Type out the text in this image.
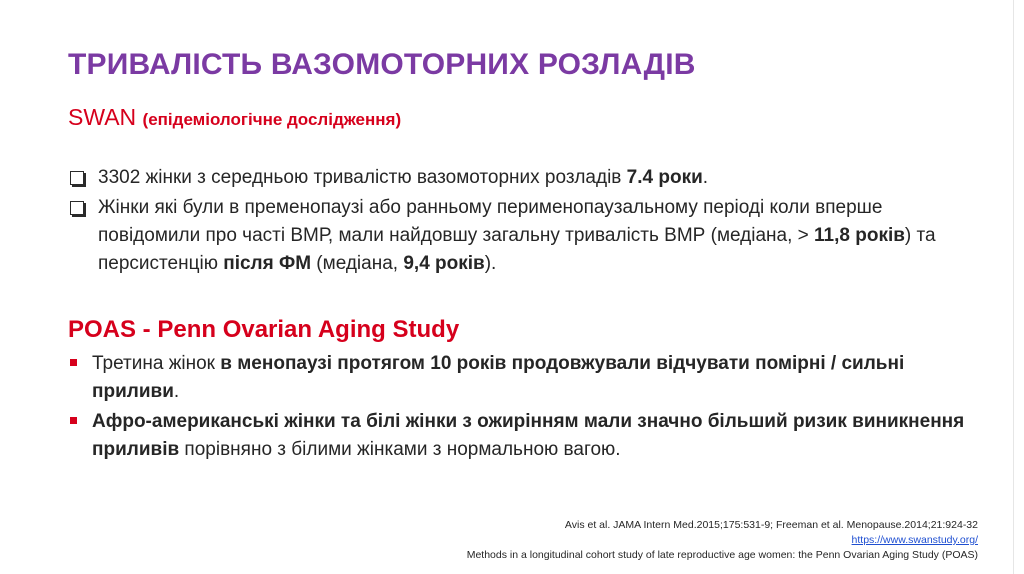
ТРИВАЛІСТЬ ВАЗОМОТОРНИХ РОЗЛАДІВ
SWAN (епідеміологічне дослідження)
3302 жінки з середньою тривалістю вазомоторних розладів 7.4 роки.
Жінки які були в пременопаузі або ранньому перименопаузальному періоді коли вперше повідомили про часті ВМР, мали найдовшу загальну тривалість ВМР (медіана, > 11,8 років) та персистенцію після ФМ (медіана, 9,4 років).
POAS - Penn Ovarian Aging Study
Третина жінок в менопаузі протягом 10 років продовжували відчувати помірні / сильні приливи.
Афро-американські жінки та білі жінки з ожирінням мали значно більший ризик виникнення приливів порівняно з білими жінками з нормальною вагою.
Avis et al. JAMA Intern Med.2015;175:531-9; Freeman et al. Menopause.2014;21:924-32
https://www.swanstudy.org/
Methods in a longitudinal cohort study of late reproductive age women: the Penn Ovarian Aging Study (POAS)
